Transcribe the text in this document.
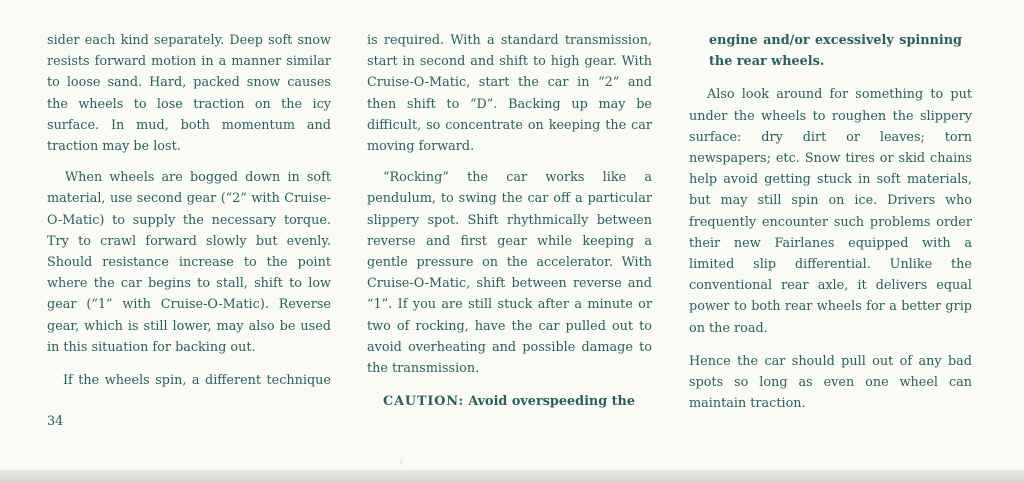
sider each kind separately. Deep soft snow resists forward motion in a manner similar to loose sand. Hard, packed snow causes the wheels to lose traction on the icy surface. In mud, both momentum and traction may be lost.

When wheels are bogged down in soft material, use second gear (“2” with Cruise-O-Matic) to supply the necessary torque. Try to crawl forward slowly but evenly. Should resistance increase to the point where the car begins to stall, shift to low gear (“1” with Cruise-O-Matic). Reverse gear, which is still lower, may also be used in this situation for backing out.

If the wheels spin, a different technique

is required. With a standard transmission, start in second and shift to high gear. With Cruise-O-Matic, start the car in “2” and then shift to “D”. Backing up may be difficult, so concentrate on keeping the car moving forward.

“Rocking” the car works like a pendulum, to swing the car off a particular slippery spot. Shift rhythmically between reverse and first gear while keeping a gentle pressure on the accelerator. With Cruise-O-Matic, shift between reverse and “1”. If you are still stuck after a minute or two of rocking, have the car pulled out to avoid overheating and possible damage to the transmission.

CAUTION: Avoid overspeeding the

engine and/or excessively spinning the rear wheels.

Also look around for something to put under the wheels to roughen the slippery surface: dry dirt or leaves; torn newspapers; etc. Snow tires or skid chains help avoid getting stuck in soft materials, but may still spin on ice. Drivers who frequently encounter such problems order their new Fairlanes equipped with a limited slip differential. Unlike the conventional rear axle, it delivers equal power to both rear wheels for a better grip on the road.

Hence the car should pull out of any bad spots so long as even one wheel can maintain traction.

34
